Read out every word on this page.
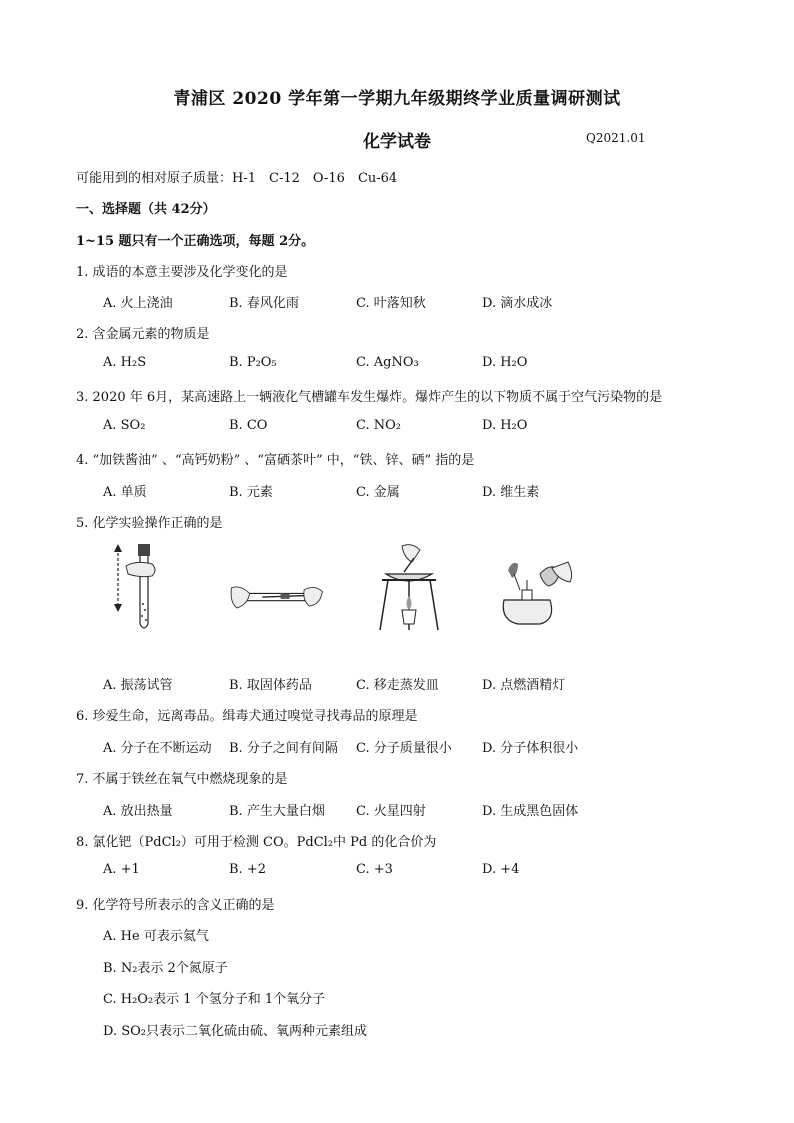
青浦区 2020 学年第一学期九年级期终学业质量调研测试
化学试卷	Q2021.01
可能用到的相对原子质量：H-1　C-12　O-16　Cu-64
一、选择题（共 42分）
1~15 题只有一个正确选项，每题 2分。
1. 成语的本意主要涉及化学变化的是
A. 火上浇油	B. 春风化雨	C. 叶落知秋	D. 滴水成冰
2. 含金属元素的物质是
A. H₂S	B. P₂O₅	C. AgNO₃	D. H₂O
3. 2020 年 6月，某高速路上一辆液化气槽罐车发生爆炸。爆炸产生的以下物质不属于空气污染物的是
A. SO₂	B. CO	C. NO₂	D. H₂O
4. “加铁酱油” 、“高钙奶粉” 、“富硒茶叶” 中，“铁、锌、硒” 指的是
A. 单质	B. 元素	C. 金属	D. 维生素
5. 化学实验操作正确的是
A. 振荡试管	B. 取固体药品	C. 移走蒸发皿	D. 点燃酒精灯
6. 珍爱生命，远离毒品。缉毒犬通过嗅觉寻找毒品的原理是
A. 分子在不断运动 B. 分子之间有间隔 C. 分子质量很小 D. 分子体积很小
7. 不属于铁丝在氧气中燃烧现象的是
A. 放出热量	B. 产生大量白烟 C. 火星四射	D. 生成黑色固体
8. 氯化钯（PdCl₂）可用于检测 CO。PdCl₂中 Pd 的化合价为
A. +1	B. +2	C. +3	D. +4
9. 化学符号所表示的含义正确的是
A. He 可表示氦气
B. N₂表示 2个氮原子
C. H₂O₂表示 1 个氢分子和 1个氧分子
D. SO₂只表示二氧化硫由硫、氧两种元素组成
